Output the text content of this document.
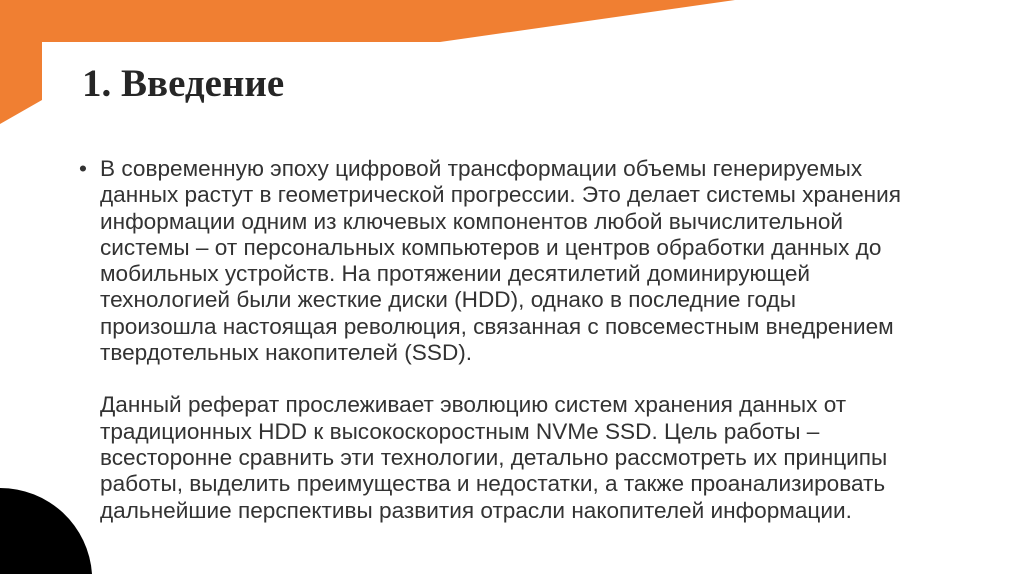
1. Введение
• В современную эпоху цифровой трансформации объемы генерируемых
данных растут в геометрической прогрессии. Это делает системы хранения
информации одним из ключевых компонентов любой вычислительной
системы – от персональных компьютеров и центров обработки данных до
мобильных устройств. На протяжении десятилетий доминирующей
технологией были жесткие диски (HDD), однако в последние годы
произошла настоящая революция, связанная с повсеместным внедрением
твердотельных накопителей (SSD).

Данный реферат прослеживает эволюцию систем хранения данных от
традиционных HDD к высокоскоростным NVMe SSD. Цель работы –
всесторонне сравнить эти технологии, детально рассмотреть их принципы
работы, выделить преимущества и недостатки, а также проанализировать
дальнейшие перспективы развития отрасли накопителей информации.
